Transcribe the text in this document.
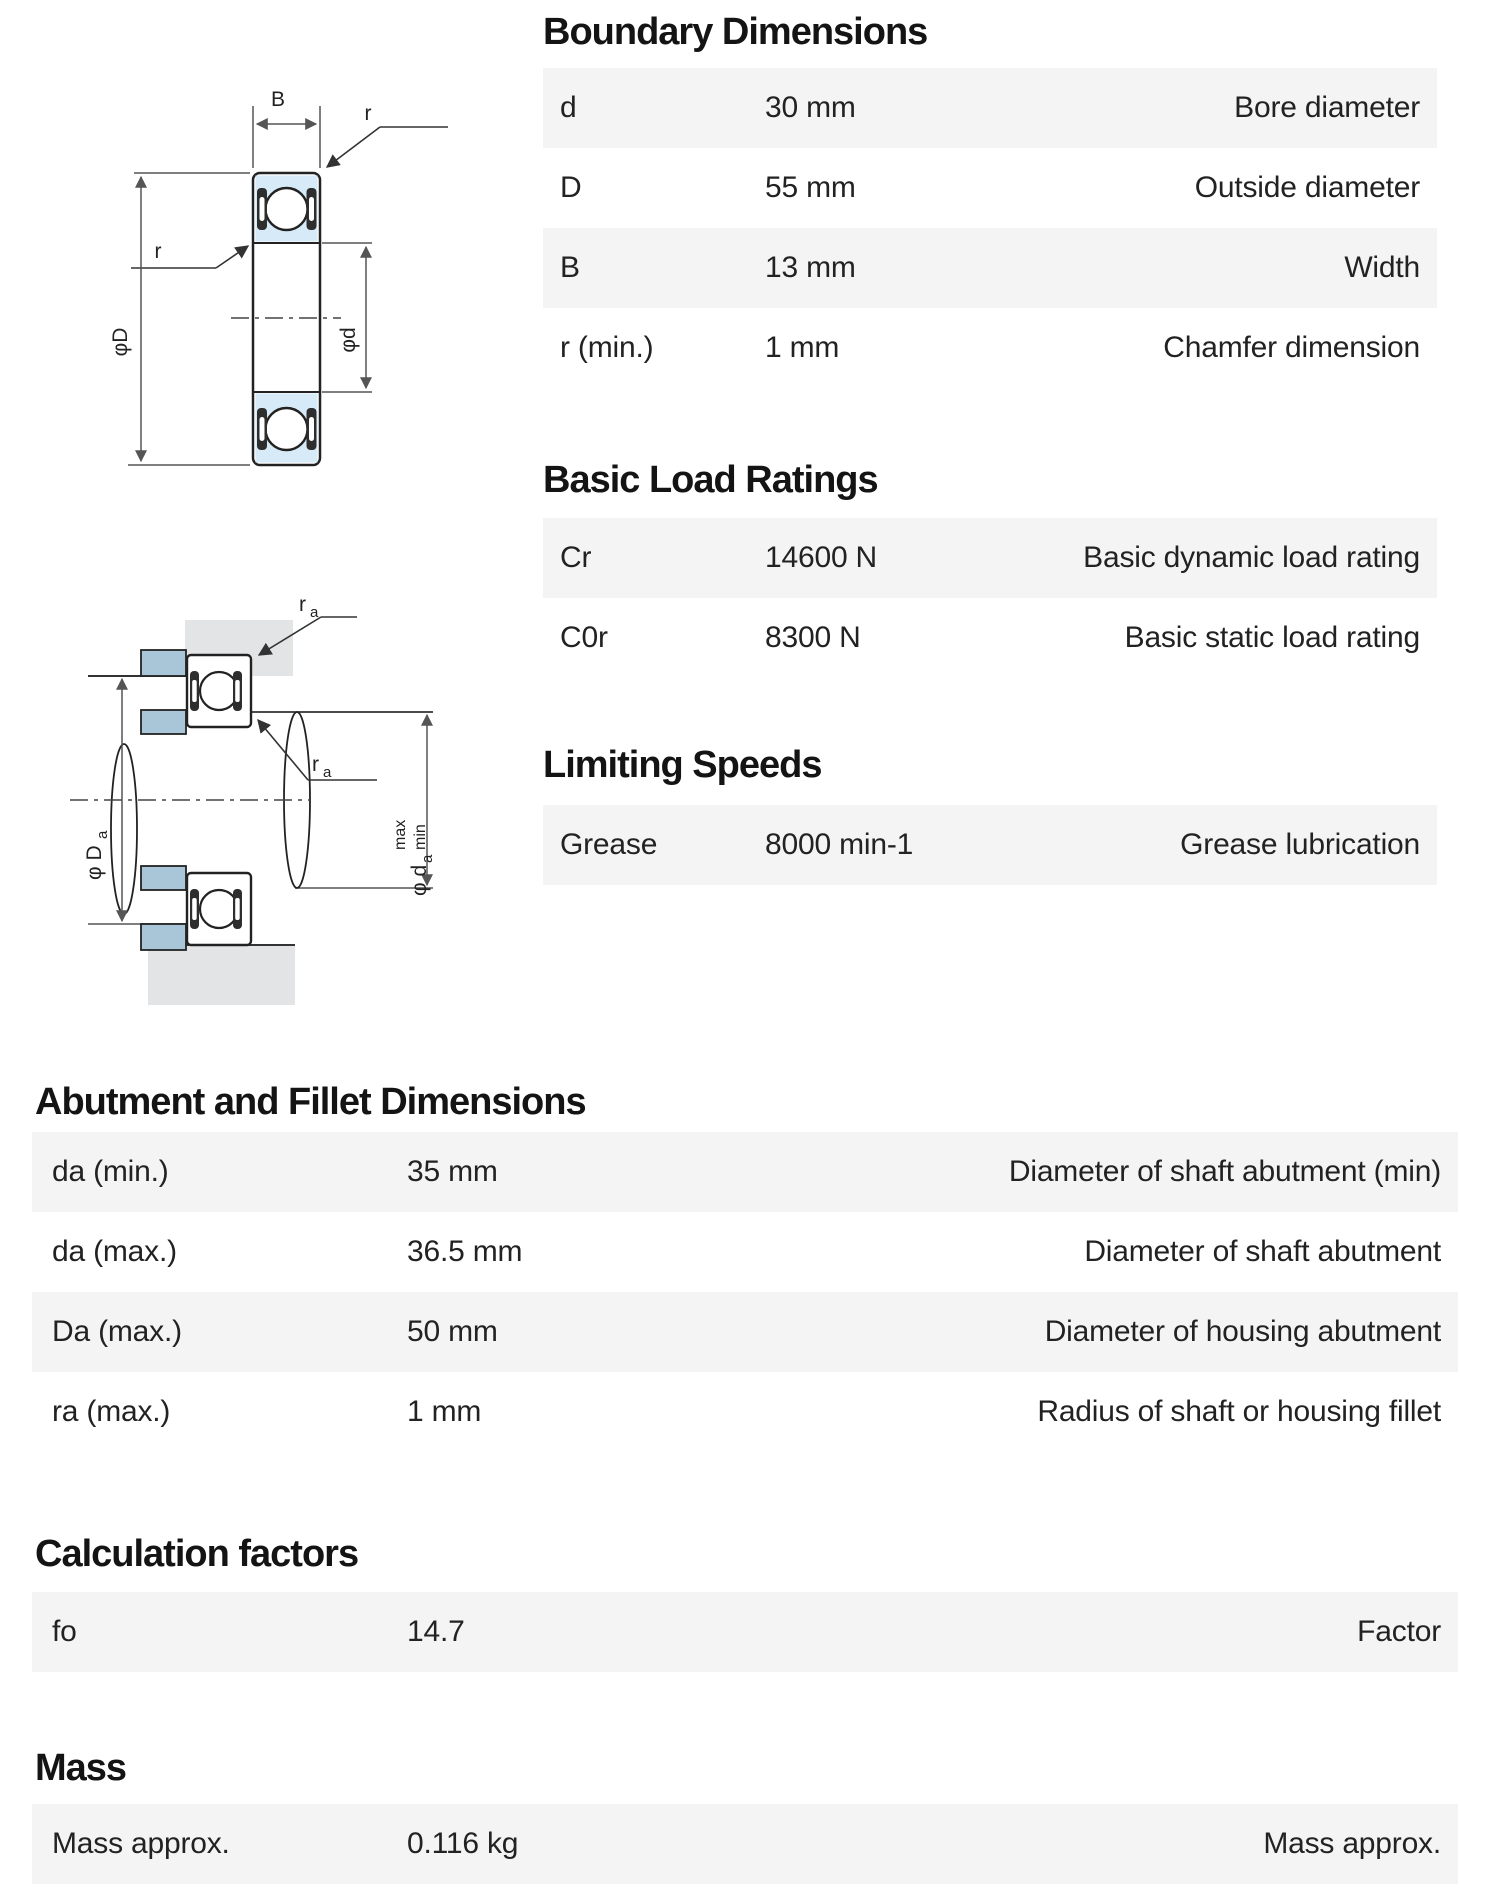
B
r
r
φD	φd
r a
r a
φ D
a
φ d
a
max min
Boundary Dimensions
d	30 mm	Bore diameter
D	55 mm	Outside diameter
B	13 mm	Width
r (min.)	1 mm	Chamfer dimension
Basic Load Ratings
Cr	14600 N	Basic dynamic load rating
C0r	8300 N	Basic static load rating
Limiting Speeds
Grease	8000 min-1	Grease lubrication
Abutment and Fillet Dimensions
da (min.)	35 mm	Diameter of shaft abutment (min)
da (max.)	36.5 mm	Diameter of shaft abutment
Da (max.)	50 mm	Diameter of housing abutment
ra (max.)	1 mm	Radius of shaft or housing fillet
Calculation factors
fo	14.7	Factor
Mass
Mass approx.	0.116 kg	Mass approx.
